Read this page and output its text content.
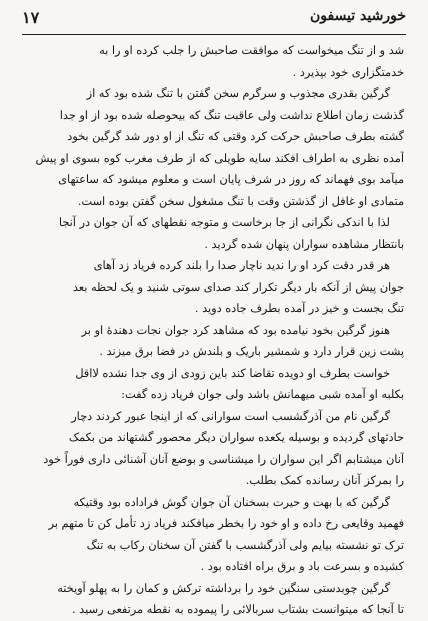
خورشید تیسفون
۱۷
شد و از تنگ میخواست که موافقت صاحبش را جلب کرده او را به
خدمتگزاری خود بپذیرد .
گرگین بقدری مجذوب و سرگرم سخن گفتن با تنگ شده بود که از
گذشت زمان اطلاع نداشت ولی عاقبت تنگ که بیحوصله شده بود از او جدا
گشته بطرف صاحبش حرکت کرد وقتی که تنگ از او دور شد گرگین بخود
آمده نظری به اطراف افکند سایه طویلی که از طرف مغرب کوه بسوی او پیش
میآمد بوی فهماند که روز در شرف پایان است و معلوم میشود که ساعتهای
متمادی او غافل از گذشتن وقت با تنگ مشغول سخن گفتن بوده است.
لذا با اندکی نگرانی از جا برخاست و متوجه نقطهای که آن جوان در آنجا
بانتظار مشاهده سواران پنهان شده گردید .
هر قدر دقت کرد او را ندید ناچار صدا را بلند کرده فریاد زد آهای
جوان پیش از آنکه بار دیگر تکرار کند صدای سوتی شنید و یک لحظه بعد
تنگ بجست و خیز در آمده بطرف جاده دوید .
هنوز گرگین بخود نیامده بود که مشاهد کرد جوان نجات دهندهٔ او بر
پشت زین قرار دارد و شمشیر باریک و بلندش در فضا برق میزند .
خواست بطرف او دویده تقاضا کند باین زودی از وی جدا نشده لااقل
بکلبه او آمده شبی میهمانش باشد ولی جوان فریاد زده گفت:
گرگین نام من آذرگشسب است سوارانی که از اینجا عبور کردند دچار
حادثهای گردیده و بوسیله یکعده سواران دیگر محصور گشتهاند من بکمک
آنان میشتابم اگر این سواران را میشناسی و بوضع آنان آشنائی داری فوراً خود
را بمرکز آنان رسانده کمک بطلب.
گرگین که با بهت و حیرت بسخنان آن جوان گوش فراداده بود وقتیکه
فهمید وقایعی رخ داده و او خود را بخطر میافکند فریاد زد تأمل کن تا متهم بر
ترک تو نشسته بیایم ولی آذرگشسب با گفتن آن سخنان رکاب به تنگ
کشیده و بسرعت باد و برق براه افتاده بود .
گرگین چوبدستی سنگین خود را برداشته ترکش و کمان را به پهلو آویخته
تا آنجا که میتوانست بشتاب سربالائی را پیموده به نقطه مرتفعی رسید .
